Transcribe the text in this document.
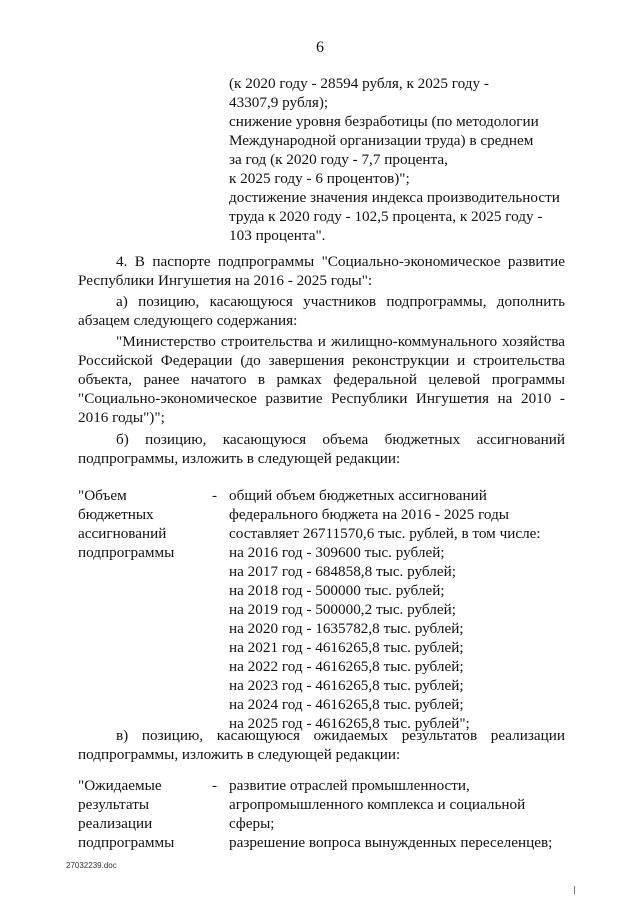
6
(к 2020 году - 28594 рубля, к 2025 году -
43307,9 рубля);
снижение уровня безработицы (по методологии
Международной организации труда) в среднем
за год (к 2020 году - 7,7 процента,
к 2025 году - 6 процентов)";
достижение значения индекса производительности
труда к 2020 году - 102,5 процента, к 2025 году -
103 процента".
4. В паспорте подпрограммы "Социально-экономическое развитие
Республики Ингушетия на 2016 - 2025 годы":
а) позицию, касающуюся участников подпрограммы, дополнить
абзацем следующего содержания:
"Министерство строительства и жилищно-коммунального хозяйства
Российской Федерации (до завершения реконструкции и строительства
объекта, ранее начатого в рамках федеральной целевой программы
"Социально-экономическое развитие Республики Ингушетия на 2010 -
2016 годы")";
б) позицию, касающуюся объема бюджетных ассигнований
подпрограммы, изложить в следующей редакции:
"Объем
бюджетных
ассигнований
подпрограммы
- общий объем бюджетных ассигнований
федерального бюджета на 2016 - 2025 годы
составляет 26711570,6 тыс. рублей, в том числе:
на 2016 год - 309600 тыс. рублей;
на 2017 год - 684858,8 тыс. рублей;
на 2018 год - 500000 тыс. рублей;
на 2019 год - 500000,2 тыс. рублей;
на 2020 год - 1635782,8 тыс. рублей;
на 2021 год - 4616265,8 тыс. рублей;
на 2022 год - 4616265,8 тыс. рублей;
на 2023 год - 4616265,8 тыс. рублей;
на 2024 год - 4616265,8 тыс. рублей;
на 2025 год - 4616265,8 тыс. рублей";
в) позицию, касающуюся ожидаемых результатов реализации
подпрограммы, изложить в следующей редакции:
"Ожидаемые
результаты
реализации
подпрограммы
- развитие отраслей промышленности,
агропромышленного комплекса и социальной
сферы;
разрешение вопроса вынужденных переселенцев;
27032239.doc
